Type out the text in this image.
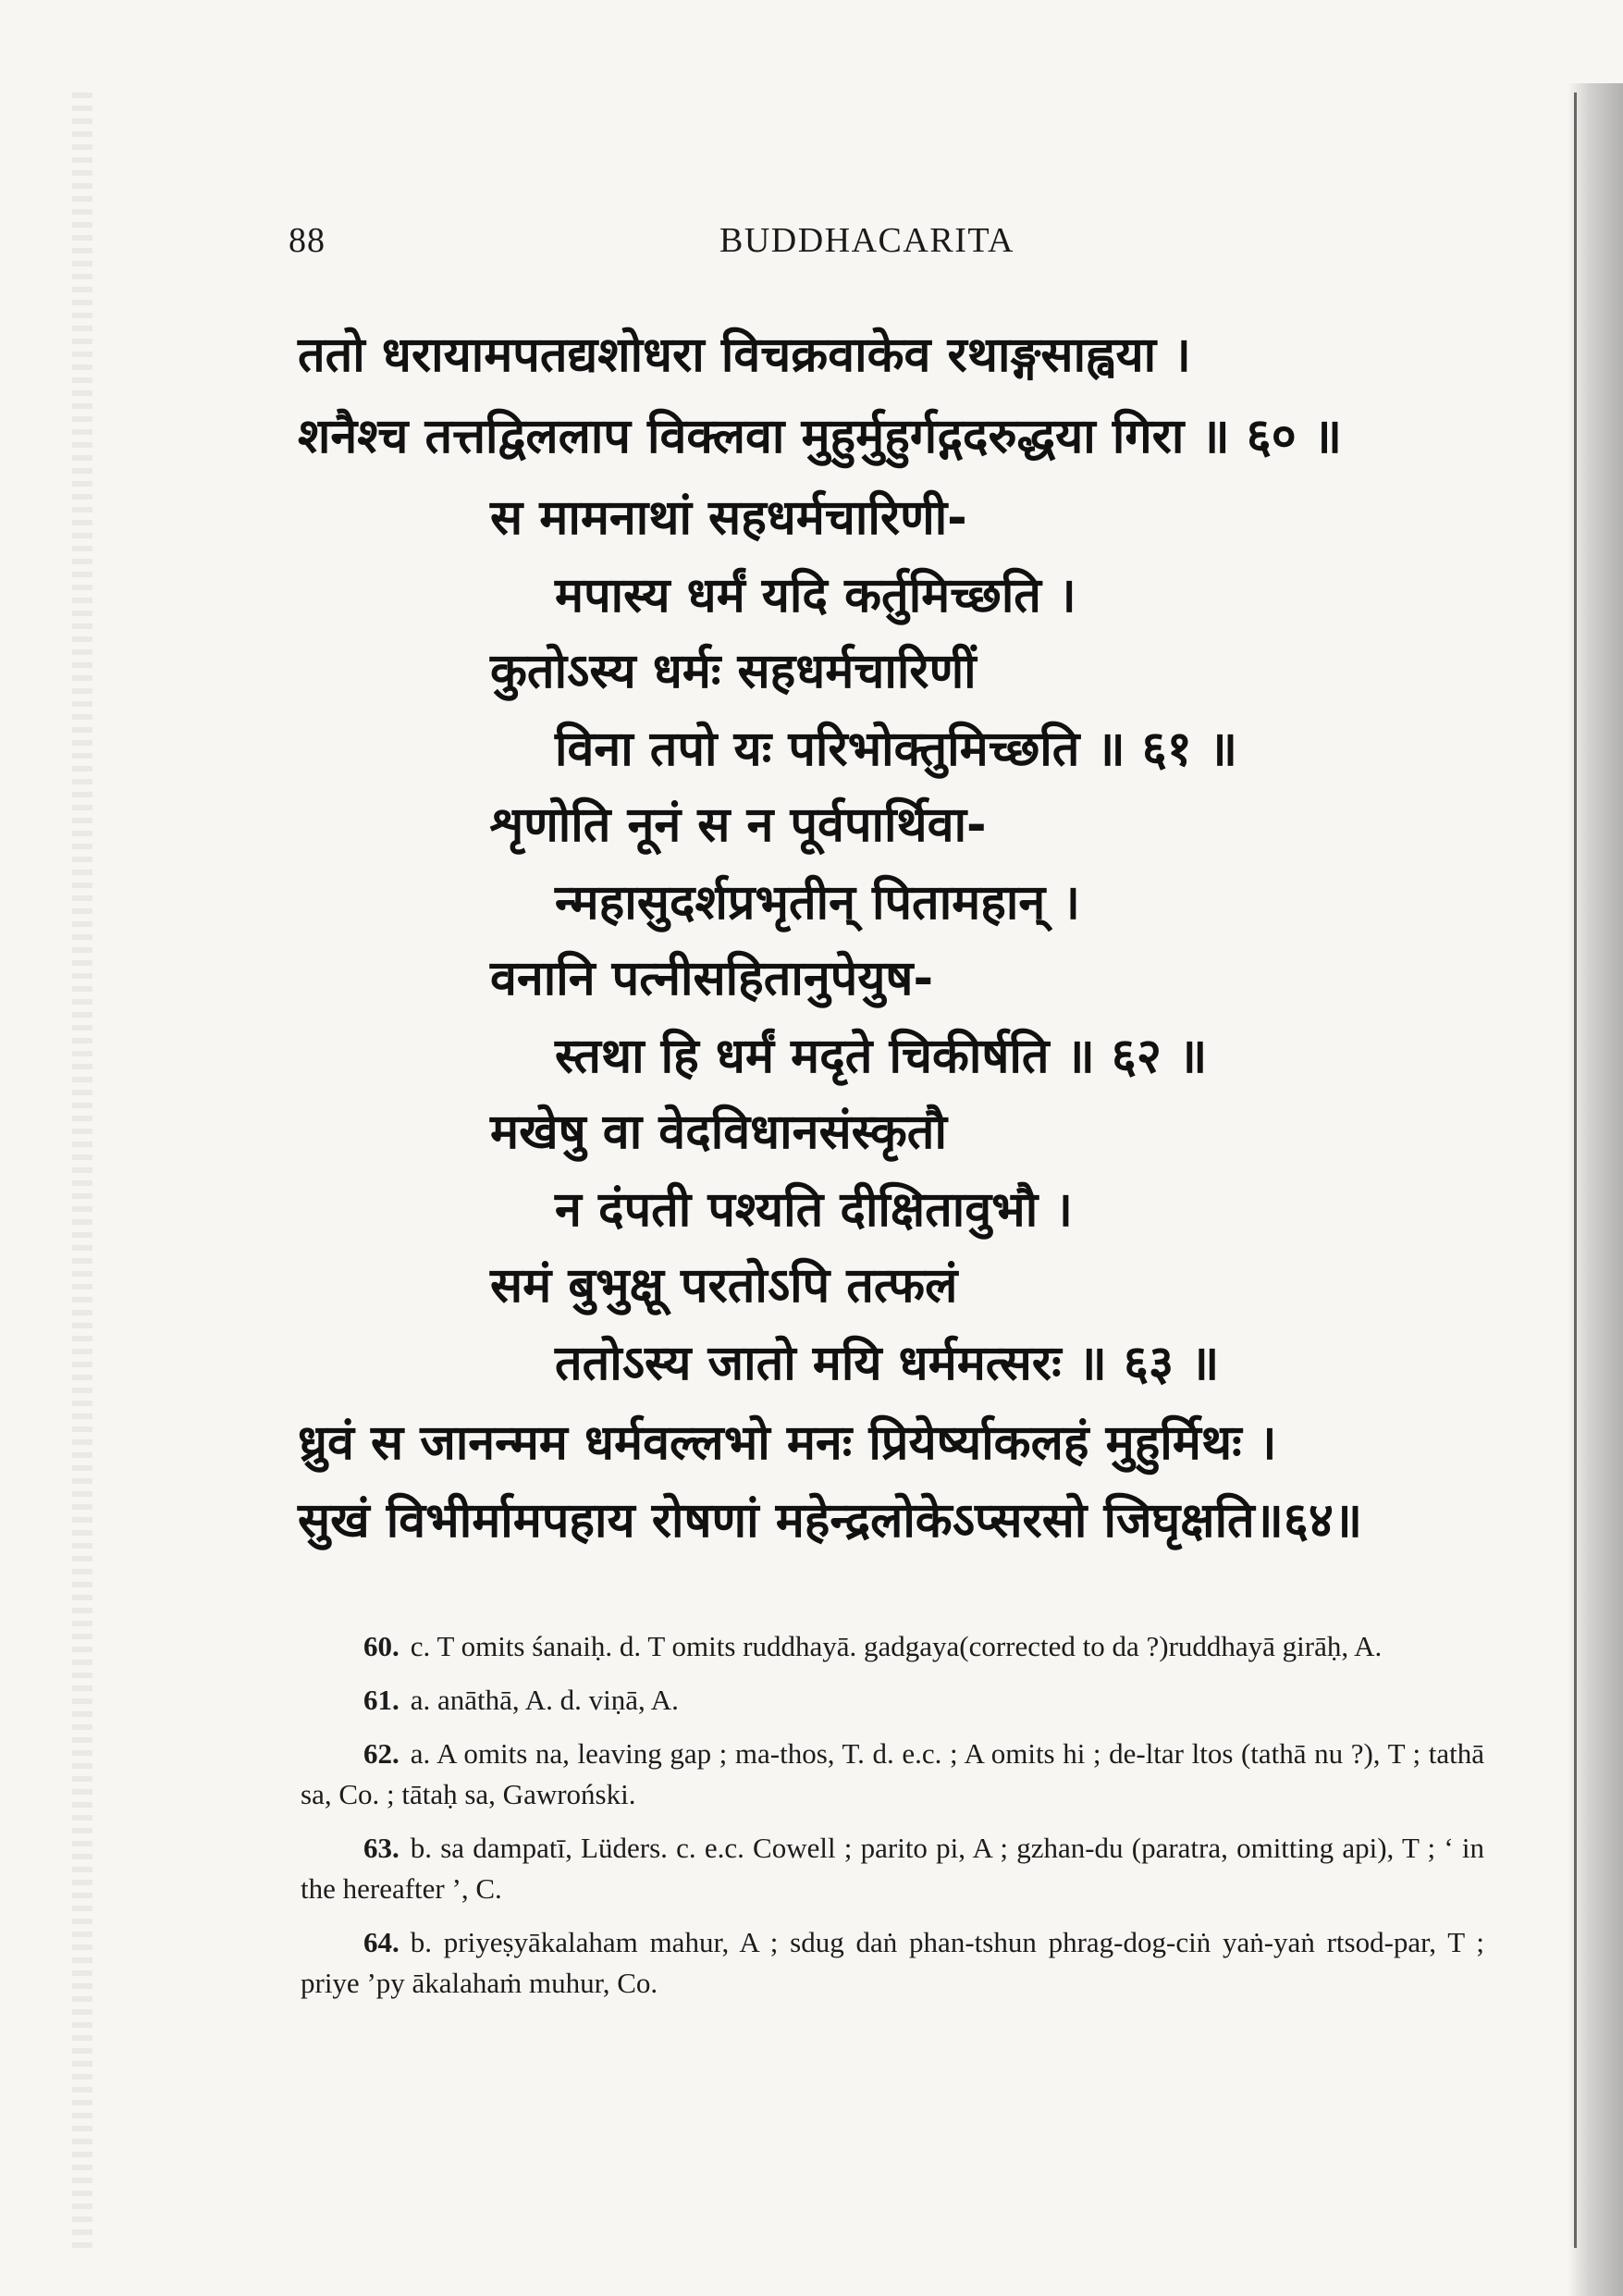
88	BUDDHACARITA
ततो धरायामपतद्यशोधरा विचक्रवाकेव रथाङ्गसाह्वया ।
शनैश्च तत्तद्विललाप विक्लवा मुहुर्मुहुर्गद्गदरुद्धया गिरा ॥ ६० ॥
स मामनाथां सहधर्मचारिणी-
मपास्य धर्मं यदि कर्तुमिच्छति ।
कुतोऽस्य धर्मः सहधर्मचारिणीं
विना तपो यः परिभोक्तुमिच्छति ॥ ६१ ॥
शृणोति नूनं स न पूर्वपार्थिवा-
न्महासुदर्शप्रभृतीन् पितामहान् ।
वनानि पत्नीसहितानुपेयुष-
स्तथा हि धर्मं मदृते चिकीर्षति ॥ ६२ ॥
मखेषु वा वेदविधानसंस्कृतौ
न दंपती पश्यति दीक्षितावुभौ ।
समं बुभुक्षू परतोऽपि तत्फलं
ततोऽस्य जातो मयि धर्ममत्सरः ॥ ६३ ॥
ध्रुवं स जानन्मम धर्मवल्लभो मनः प्रियेर्ष्याकलहं मुहुर्मिथः ।
सुखं विभीर्मामपहाय रोषणां महेन्द्रलोकेऽप्सरसो जिघृक्षति॥६४॥

60. c. T omits śanaiḥ. d. T omits ruddhayā. gadgaya(corrected to da ?)ruddhayā girāḥ, A.

61. a. anāthā, A. d. viṇā, A.

62. a. A omits na, leaving gap ; ma-thos, T. d. e.c. ; A omits hi ; de-ltar ltos (tathā nu ?), T ; tathā sa, Co. ; tātaḥ sa, Gawroński.

63. b. sa dampatī, Lüders. c. e.c. Cowell ; parito pi, A ; gzhan-du (paratra, omitting api), T ; ‘ in the hereafter ’, C.

64. b. priyeṣyākalaham mahur, A ; sdug daṅ phan-tshun phrag-dog-ciṅ yaṅ-yaṅ rtsod-par, T ; priye ’py ākalahaṁ muhur, Co.
